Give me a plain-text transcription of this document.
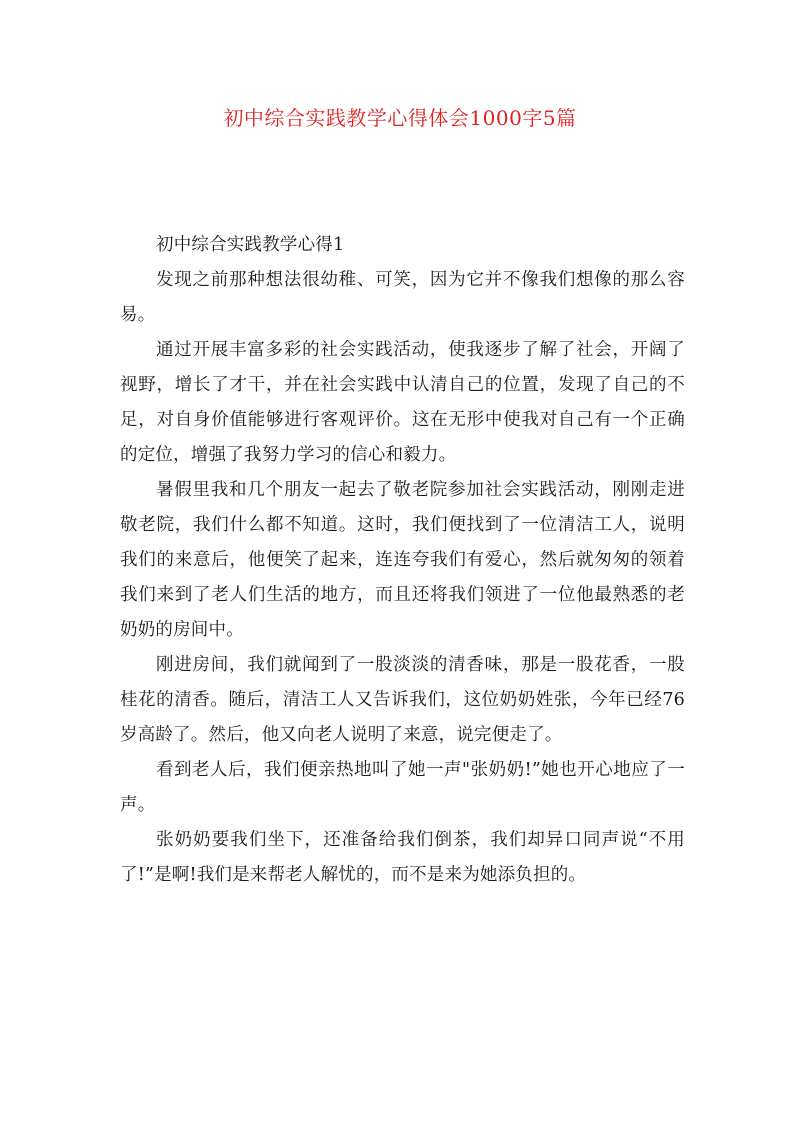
初中综合实践教学心得体会1000字5篇

初中综合实践教学心得1

发现之前那种想法很幼稚、可笑，因为它并不像我们想像的那么容易。

通过开展丰富多彩的社会实践活动，使我逐步了解了社会，开阔了视野，增长了才干，并在社会实践中认清自己的位置，发现了自己的不足，对自身价值能够进行客观评价。这在无形中使我对自己有一个正确的定位，增强了我努力学习的信心和毅力。

暑假里我和几个朋友一起去了敬老院参加社会实践活动，刚刚走进敬老院，我们什么都不知道。这时，我们便找到了一位清洁工人，说明我们的来意后，他便笑了起来，连连夸我们有爱心，然后就匆匆的领着我们来到了老人们生活的地方，而且还将我们领进了一位他最熟悉的老奶奶的房间中。

刚进房间，我们就闻到了一股淡淡的清香味，那是一股花香，一股桂花的清香。随后，清洁工人又告诉我们，这位奶奶姓张，今年已经76岁高龄了。然后，他又向老人说明了来意，说完便走了。

看到老人后，我们便亲热地叫了她一声"张奶奶!”她也开心地应了一声。

张奶奶要我们坐下，还准备给我们倒茶，我们却异口同声说“不用了!”是啊!我们是来帮老人解忧的，而不是来为她添负担的。
